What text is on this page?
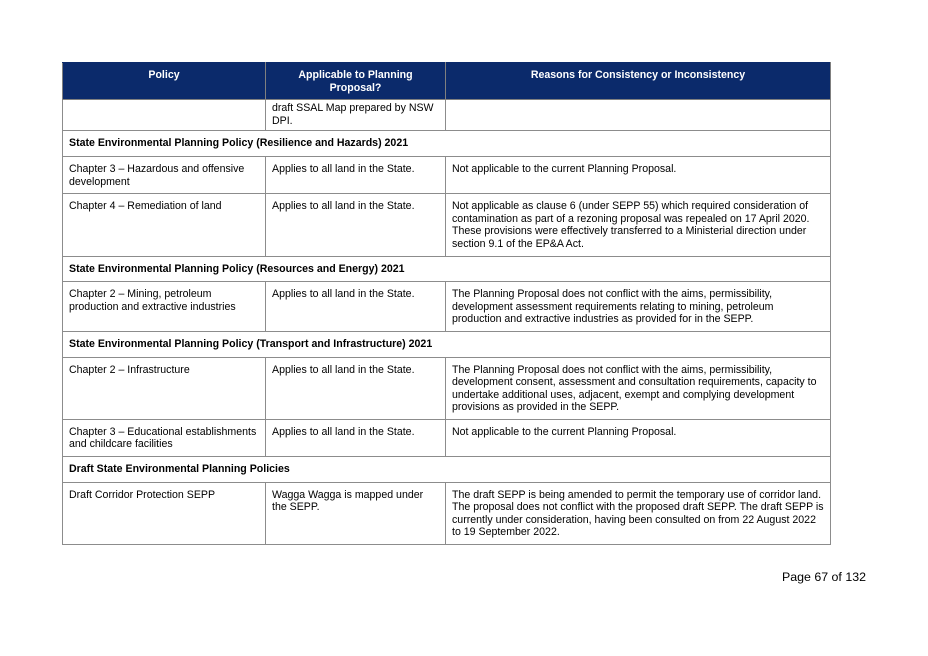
Policy	Applicable to Planning Proposal?	Reasons for Consistency or Inconsistency
	draft SSAL Map prepared by NSW DPI.	
State Environmental Planning Policy (Resilience and Hazards) 2021		
Chapter 3 – Hazardous and offensive development	Applies to all land in the State.	Not applicable to the current Planning Proposal.
Chapter 4 – Remediation of land	Applies to all land in the State.	Not applicable as clause 6 (under SEPP 55) which required consideration of contamination as part of a rezoning proposal was repealed on 17 April 2020. These provisions were effectively transferred to a Ministerial direction under section 9.1 of the EP&A Act.
State Environmental Planning Policy (Resources and Energy) 2021		
Chapter 2 – Mining, petroleum production and extractive industries	Applies to all land in the State.	The Planning Proposal does not conflict with the aims, permissibility, development assessment requirements relating to mining, petroleum production and extractive industries as provided for in the SEPP.
State Environmental Planning Policy (Transport and Infrastructure) 2021		
Chapter 2 – Infrastructure	Applies to all land in the State.	The Planning Proposal does not conflict with the aims, permissibility, development consent, assessment and consultation requirements, capacity to undertake additional uses, adjacent, exempt and complying development provisions as provided in the SEPP.
Chapter 3 – Educational establishments and childcare facilities	Applies to all land in the State.	Not applicable to the current Planning Proposal.
Draft State Environmental Planning Policies		
Draft Corridor Protection SEPP	Wagga Wagga is mapped under the SEPP.	The draft SEPP is being amended to permit the temporary use of corridor land. The proposal does not conflict with the proposed draft SEPP. The draft SEPP is currently under consideration, having been consulted on from 22 August 2022 to 19 September 2022.
Page 67 of 132
